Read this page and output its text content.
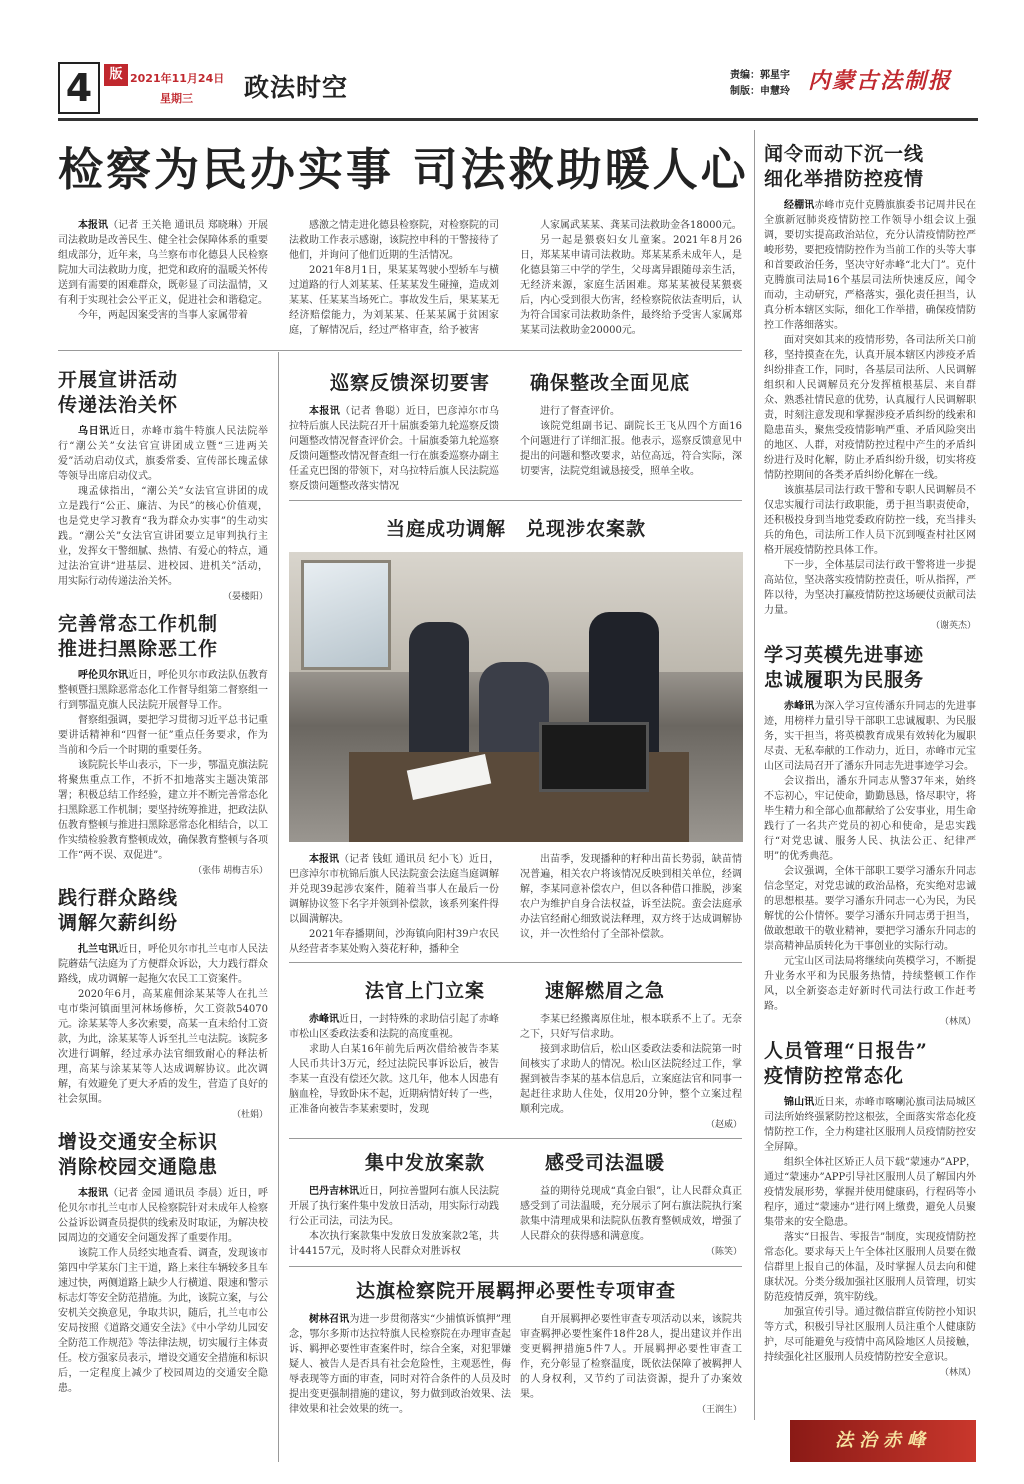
4	版 2021年11月24日
星期三 政法时空	责编：郭星宇
制版：申慧玲 内蒙古法制报
检察为民办实事 司法救助暖人心

本报讯（记者 王关艳 通讯员 郑晓琳）开展司法救助是改善民生、健全社会保障体系的重要组成部分，近年来，乌兰察布市化德县人民检察院加大司法救助力度，把党和政府的温暖关怀传送到有需要的困难群众，既彰显了司法温情，又有利于实现社会公平正义，促进社会和谐稳定。

今年，两起因案受害的当事人家属带着

感激之情走进化德县检察院，对检察院的司法救助工作表示感谢，该院控申科的干警接待了他们，并询问了他们近期的生活情况。

2021年8月1日，果某某驾驶小型轿车与横过道路的行人刘某某、任某某发生碰撞，造成刘某某、任某某当场死亡。事故发生后，果某某无经济赔偿能力，为刘某某、任某某属于贫困家庭，了解情况后，经过严格审查，给予被害

人家属武某某、龚某司法救助金各18000元。

另一起是猥亵妇女儿童案。2021年8月26日，郑某某申请司法救助。郑某某系未成年人，是化德县第三中学的学生，父母离异跟随母亲生活，无经济来源，家庭生活困难。郑某某被侵某猥亵后，内心受到很大伤害，经检察院依法查明后，认为符合国家司法救助条件，最终给予受害人家属郑某某司法救助金20000元。

开展宣讲活动
传递法治关怀

乌日讯近日，赤峰市翁牛特旗人民法院举行“潮公关”女法官宣讲团成立暨“三进两关爱”活动启动仪式，旗委常委、宣传部长瑰孟俅等领导出席启动仪式。

瑰孟俅指出，“潮公关”女法官宣讲团的成立是践行“公正、廉洁、为民”的核心价值观，也是党史学习教育“我为群众办实事”的生动实践。“潮公关”女法官宣讲团要立足审判执行主业，发挥女干警细腻、热情、有爱心的特点，通过法治宣讲“进基层、进校园、进机关”活动，用实际行动传递法治关怀。

（晏楼阳）

完善常态工作机制
推进扫黑除恶工作

呼伦贝尔讯近日，呼伦贝尔市政法队伍教育整顿暨扫黑除恶常态化工作督导组第二督察组一行到鄂温克旗人民法院开展督导工作。

督察组强调，要把学习贯彻习近平总书记重要讲话精神和“四督一征”重点任务要求，作为当前和今后一个时期的重要任务。

该院院长毕山表示，下一步，鄂温克旗法院将聚焦重点工作，不折不扣地落实主题决策部署；积极总结工作经验，建立并不断完善常态化扫黑除恶工作机制；要坚持统筹推进，把政法队伍教育整顿与推进扫黑除恶常态化相结合，以工作实绩检验教育整顿成效，确保教育整顿与各项工作“两不误、双促进”。

（张伟 胡梅吉乐）

践行群众路线
调解欠薪纠纷

扎兰屯讯近日，呼伦贝尔市扎兰屯市人民法院蘑菇气法庭为了方便群众诉讼，大力践行群众路线，成功调解一起拖欠农民工工资案件。

2020年6月，高某雇佣涂某某等人在扎兰屯市柴河镇面里河林场修桥，欠工资款54070元。涂某某等人多次索要，高某一直未给付工资款，为此，涂某某等人诉至扎兰屯法院。该院多次进行调解，经过承办法官细致耐心的释法析理，高某与涂某某等人达成调解协议。此次调解，有效避免了更大矛盾的发生，营造了良好的社会氛围。

（杜娟）

增设交通安全标识
消除校园交通隐患

本报讯（记者 金园 通讯员 李晨）近日，呼伦贝尔市扎兰屯市人民检察院针对未成年人检察公益诉讼调查员提供的线索及时取证，为解决校园周边的交通安全问题发挥了重要作用。

该院工作人员经实地查看、调查，发现该市第四中学某东门主干道，路上来往车辆较多且车速过快，两侧道路上缺少人行横道、限速和警示标志灯等安全防范措施。为此，该院立案，与公安机关交换意见，争取共识，随后，扎兰屯市公安局按照《道路交通安全法》《中小学幼儿园安全防范工作规范》等法律法规，切实履行主体责任。校方强家员表示，增设交通安全措施和标识后，一定程度上减少了校园周边的交通安全隐患。

巡察反馈深切要害	确保整改全面见底

本报讯（记者 鲁聪）近日，巴彦淖尔市乌拉特后旗人民法院召开十届旗委第九轮巡察反馈问题整改情况督查评价会。十届旗委第九轮巡察反馈问题整改情况督查组一行在旗委巡察办副主任孟克巴图的带领下，对乌拉特后旗人民法院巡察反馈问题整改落实情况

进行了督查评价。

该院党组副书记、副院长王飞从四个方面16个问题进行了详细汇报。他表示，巡察反馈意见中提出的问题和整改要求，站位高远，符合实际，深切要害，法院党组诚恳接受，照单全收。

当庭成功调解　兑现涉农案款

本报讯（记者 钱虹 通讯员 纪小飞）近日，巴彦淖尔市杭锦后旗人民法院蛮会法庭当庭调解并兑现39起涉农案件，随着当事人在最后一份调解协议签下名字并领到补偿款，该系列案件得以圆满解决。

2021年春播期间，沙海镇向阳村39户农民从经营者李某处购入葵花籽种，播种全

出苗季，发现播种的籽种出苗长势弱，缺苗情况普遍，相关农户将该情况反映到相关单位，经调解，李某同意补偿农户，但以各种借口推脱，涉案农户为维护自身合法权益，诉至法院。蛮会法庭承办法官经耐心细致说法释理，双方终于达成调解协议，并一次性给付了全部补偿款。

法官上门立案	速解燃眉之急

赤峰讯近日，一封特殊的求助信引起了赤峰市松山区委政法委和法院的高度重视。

求助人白某16年前先后两次借给被告李某人民币共计3万元，经过法院民事诉讼后，被告李某一直没有偿还欠款。这几年，他本人因患有脑血栓，导致卧床不起，近期病情好转了一些，正准备向被告李某索要时，发现

李某已经搬离原住址，根本联系不上了。无奈之下，只好写信求助。

接到求助信后，松山区委政法委和法院第一时间核实了求助人的情况。松山区法院经过工作，掌握到被告李某的基本信息后，立案庭法官和同事一起赶往求助人住处，仅用20分钟，整个立案过程顺利完成。

（赵威）

集中发放案款	感受司法温暖

巴丹吉林讯近日，阿拉善盟阿右旗人民法院开展了执行案件集中发放日活动，用实际行动践行公正司法，司法为民。

本次执行案款集中发放日发放案款2笔，共计44157元，及时将人民群众对胜诉权

益的期待兑现成“真金白银”，让人民群众真正感受到了司法温暖，充分展示了阿右旗法院执行案款集中清理成果和法院队伍教育整顿成效，增强了人民群众的获得感和满意度。

（陈笑）

达旗检察院开展羁押必要性专项审查

树林召讯为进一步贯彻落实“少捕慎诉慎押”理念，鄂尔多斯市达拉特旗人民检察院在办理审查起诉、羁押必要性审查案件时，综合全案，对犯罪嫌疑人、被告人是否具有社会危险性，主观恶性，侮辱表现等方面的审查，同时对符合条件的人员及时提出变更强制措施的建议，努力做到政治效果、法律效果和社会效果的统一。

自开展羁押必要性审查专项活动以来，该院共审查羁押必要性案件18件28人，提出建议并作出变更羁押措施5件7人。开展羁押必要性审查工作，充分彰显了检察温度，既依法保障了被羁押人的人身权利，又节约了司法资源，提升了办案效果。

（王润生）

闻令而动下沉一线
细化举措防控疫情

经棚讯赤峰市克什克腾旗旗委书记周井民在全旗新冠肺炎疫情防控工作领导小组会议上强调，要切实提高政治站位，充分认清疫情防控严峻形势，要把疫情防控作为当前工作的头等大事和首要政治任务，坚决守好赤峰“北大门”。克什克腾旗司法局16个基层司法所快速反应，闻令而动，主动研究，严格落实，强化责任担当，认真分析本辖区实际，细化工作举措，确保疫情防控工作落细落实。

面对突如其来的疫情形势，各司法所关口前移，坚持摸查在先，认真开展本辖区内涉疫矛盾纠纷排查工作，同时，各基层司法所、人民调解组织和人民调解员充分发挥植根基层、来自群众、熟悉社情民意的优势，认真履行人民调解职责，时刻注意发现和掌握涉疫矛盾纠纷的线索和隐患苗头，聚焦受疫情影响严重、矛盾风险突出的地区、人群，对疫情防控过程中产生的矛盾纠纷进行及时化解，防止矛盾纠纷升级，切实将疫情防控期间的各类矛盾纠纷化解在一线。

该旗基层司法行政干警和专职人民调解员不仅忠实履行司法行政职能，勇于担当职责使命，还积极投身到当地党委政府防控一线，充当排头兵的角色，司法所工作人员下沉到嘎查村社区网格开展疫情防控具体工作。

下一步，全体基层司法行政干警将进一步提高站位，坚决落实疫情防控责任，听从指挥，严阵以待，为坚决打赢疫情防控这场硬仗贡献司法力量。

（谢英杰）

学习英模先进事迹
忠诚履职为民服务

赤峰讯为深入学习宣传潘东升同志的先进事迹，用榜样力量引导干部职工忠诚履职、为民服务，实干担当，将英模教育成果有效转化为履职尽责、无私奉献的工作动力，近日，赤峰市元宝山区司法局召开了潘东升同志先进事迹学习会。

会议指出，潘东升同志从警37年来，始终不忘初心，牢记使命，勤勤恳恳，恪尽职守，将毕生精力和全部心血都献给了公安事业，用生命践行了一名共产党员的初心和使命，是忠实践行“对党忠诚、服务人民、执法公正、纪律严明”的优秀典范。

会议强调，全体干部职工要学习潘东升同志信念坚定，对党忠诚的政治品格，充实绝对忠诚的思想根基。要学习潘东升同志一心为民，为民解忧的公仆情怀。要学习潘东升同志勇于担当，做敢想敢干的敬业精神，要把学习潘东升同志的崇高精神品质转化为干事创业的实际行动。

元宝山区司法局将继续向英模学习，不断提升业务水平和为民服务热情，持续整顿工作作风，以全新姿态走好新时代司法行政工作赶考路。

（林凤）

人员管理“日报告”
疫情防控常态化

锦山讯近日来，赤峰市喀喇沁旗司法局城区司法所始终强紧防控这根弦，全面落实常态化疫情防控工作，全力构建社区服刑人员疫情防控安全屏障。

组织全体社区矫正人员下载“蒙速办”APP，通过“蒙速办”APP引导社区服刑人员了解国内外疫情发展形势，掌握并使用健康码，行程码等小程序，通过“蒙速办”进行网上缴费，避免人员聚集带来的安全隐患。

落实“日报告、零报告”制度，实现疫情防控常态化。要求每天上午全体社区服刑人员要在微信群里上报自己的体温，及时掌握人员去向和健康状况。分类分级加强社区服刑人员管理，切实防范疫情反弹，筑牢防线。

加强宣传引导。通过微信群宣传防控小知识等方式，积极引导社区服刑人员注重个人健康防护，尽可能避免与疫情中高风险地区人员接触，持续强化社区服刑人员疫情防控安全意识。

（林凤）

法治赤峰
